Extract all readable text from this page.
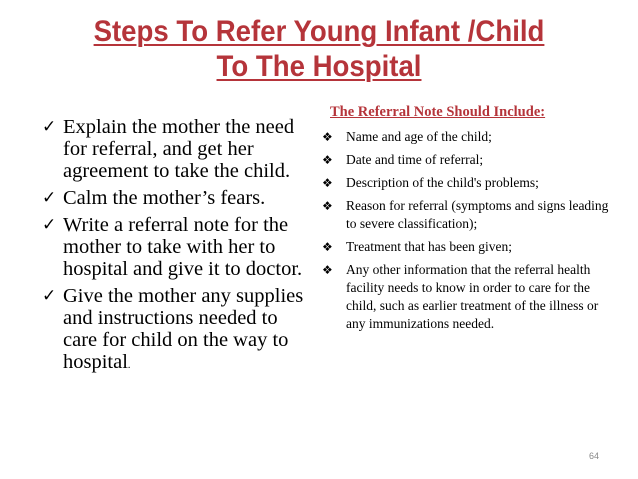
Steps To Refer Young Infant /Child
To The Hospital
✓ Explain the mother the need for referral, and get her agreement to take the child.
✓ Calm the mother’s fears.
✓ Write a referral note for the mother to take with her to hospital and give it to doctor.
✓ Give the mother any supplies and instructions needed to care for child on the way to hospital.
The Referral Note Should Include:
❖ Name and age of the child;
❖ Date and time of referral;
❖ Description of the child's problems;
❖ Reason for referral (symptoms and signs leading to severe classification);
❖ Treatment that has been given;
❖ Any other information that the referral health facility needs to know in order to care for the child, such as earlier treatment of the illness or any immunizations needed.
64
